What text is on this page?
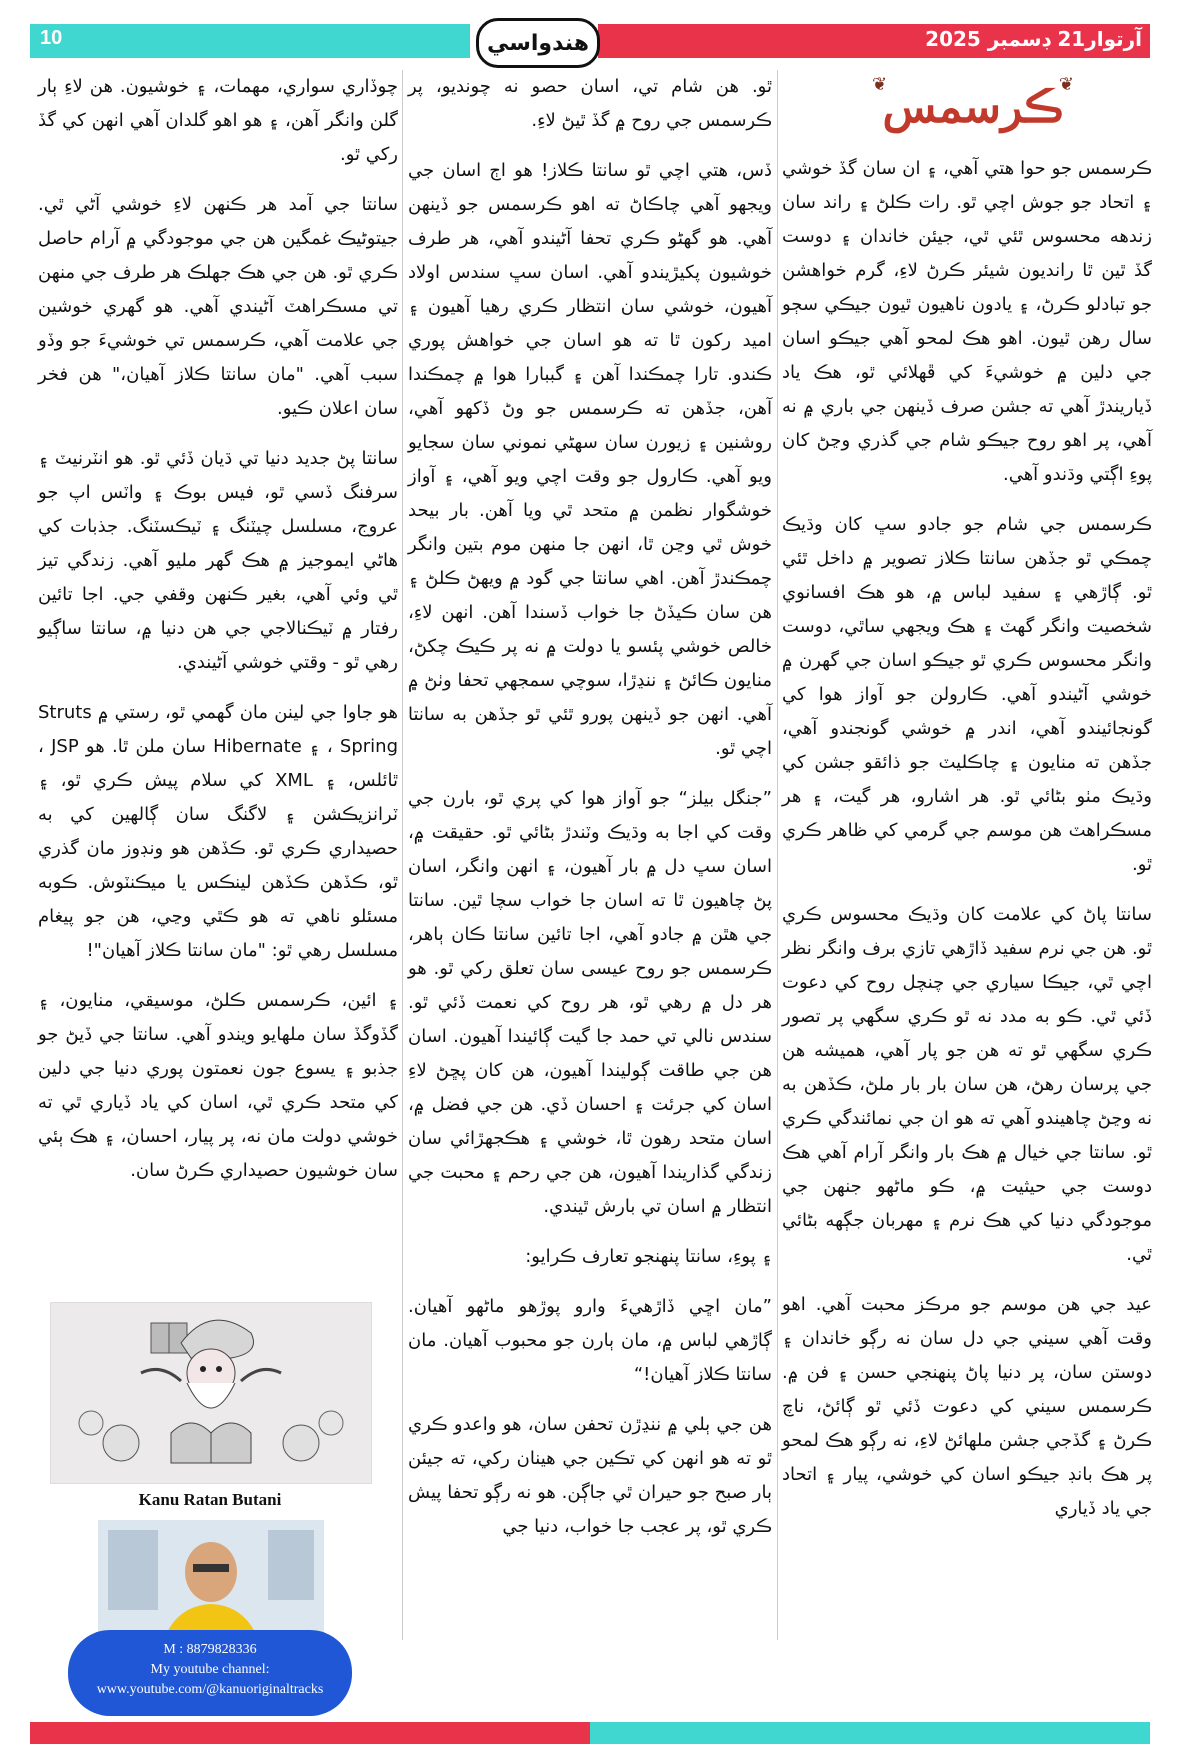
10	هندواسي	آرتوار21 ڊسمبر 2025
❦
ڪرسمس
❦

ڪرسمس جو حوا هتي آهي، ۽ ان سان گڏ خوشي ۽ اتحاد جو جوش اچي ٿو. رات ڪلڻ ۽ راند سان زندهه محسوس ٿئي ٿي، جيئن خاندان ۽ دوست گڏ ٿين ٿا رانديون شيئر ڪرڻ لاءِ، گرم خواهشن جو تبادلو ڪرڻ، ۽ يادون ناهيون ٿيون جيڪي سڄو سال رهن ٿيون. اهو هڪ لمحو آهي جيڪو اسان جي دلين ۾ خوشيءَ کي ڦهلائي ٿو، هڪ ياد ڏياريندڙ آهي ته جشن صرف ڏينهن جي باري ۾ نه آهي، پر اهو روح جيڪو شام جي گذري وڃڻ کان پوءِ اڳتي وڌندو آهي.

ڪرسمس جي شام جو جادو سڀ کان وڌيڪ چمڪي ٿو جڏهن سانتا ڪلاز تصوير ۾ داخل ٿئي ٿو. ڳاڙهي ۽ سفيد لباس ۾، هو هڪ افسانوي شخصيت وانگر گهٽ ۽ هڪ ويجهي ساٿي، دوست وانگر محسوس ڪري ٿو جيڪو اسان جي گهرن ۾ خوشي آڻيندو آهي. ڪارولن جو آواز هوا کي گونجائيندو آهي، اندر ۾ خوشي گونجندو آهي، جڏهن ته منايون ۽ چاڪليٽ جو ذائقو جشن کي وڌيڪ مٺو بڻائي ٿو. هر اشارو، هر گيت، ۽ هر مسڪراهٽ هن موسم جي گرمي کي ظاهر ڪري ٿو.

سانتا پاڻ کي علامت کان وڌيڪ محسوس ڪري ٿو. هن جي نرم سفيد ڏاڙهي تازي برف وانگر نظر اچي ٿي، جيڪا سياري جي چنچل روح کي دعوت ڏئي ٿي. ڪو به مدد نه ٿو ڪري سگهي پر تصور ڪري سگهي ٿو ته هن جو پار آهي، هميشه هن جي پرسان رهڻ، هن سان بار بار ملڻ، ڪڏهن به نه وڃڻ چاهيندو آهي ته هو ان جي نمائندگي ڪري ٿو. سانتا جي خيال ۾ هڪ بار وانگر آرام آهي هڪ دوست جي حيثيت ۾، ڪو ماڻهو جنهن جي موجودگي دنيا کي هڪ نرم ۽ مهربان جڳهه بڻائي ٿي.

عيد جي هن موسم جو مرڪز محبت آهي. اهو وقت آهي سيني جي دل سان نه رڳو خاندان ۽ دوستن سان، پر دنيا پاڻ پنهنجي حسن ۽ فن ۾. ڪرسمس سيني کي دعوت ڏئي ٿو ڳائڻ، ناچ ڪرڻ ۽ گڏجي جشن ملهائڻ لاءِ، نه رڳو هڪ لمحو پر هڪ بانڊ جيڪو اسان کي خوشي، پيار ۽ اتحاد جي ياد ڏياري

ٿو. هن شام تي، اسان حصو نه چونديو، پر ڪرسمس جي روح ۾ گڏ ٿيڻ لاءِ.

ڏس، هتي اچي ٿو سانتا ڪلاز! هو اڄ اسان جي ويجهو آهي چاڪاڻ ته اهو ڪرسمس جو ڏينهن آهي. هو گهڻو ڪري تحفا آڻيندو آهي، هر طرف خوشيون پکيڙيندو آهي. اسان سڀ سندس اولاد آهيون، خوشي سان انتظار ڪري رهيا آهيون ۽ اميد رکون ٿا ته هو اسان جي خواهش پوري ڪندو. تارا چمڪندا آهن ۽ گببارا هوا ۾ چمڪندا آهن، جڏهن ته ڪرسمس جو وڻ ڏکهو آهي، روشنين ۽ زيورن سان سهڻي نموني سان سجايو ويو آهي. ڪارول جو وقت اچي ويو آهي، ۽ آواز خوشگوار نظمن ۾ متحد ٿي ويا آهن. بار بيحد خوش ٿي وڃن ٿا، انهن جا منهن موم بتين وانگر چمڪندڙ آهن. اهي سانتا جي گود ۾ ويهڻ ڪلڻ ۽ هن سان ڪيڏڻ جا خواب ڏسندا آهن. انهن لاءِ، خالص خوشي پئسو يا دولت ۾ نه پر ڪيڪ چکڻ، منايون ڪائڻ ۽ ننڍڙا، سوچي سمجهي تحفا وٺڻ ۾ آهي. انهن جو ڏينهن پورو ٿئي ٿو جڏهن به سانتا اچي ٿو.

”جنگل بيلز“ جو آواز هوا کي پري ٿو، بارن جي وقت کي اجا به وڌيڪ وٽندڙ بڻائي ٿو. حقيقت ۾، اسان سڀ دل ۾ بار آهيون، ۽ انهن وانگر، اسان پڻ چاهيون ٿا ته اسان جا خواب سچا ٿين. سانتا جي هٿن ۾ جادو آهي، اجا تائين سانتا ڪان ٻاهر، ڪرسمس جو روح عيسى سان تعلق رکي ٿو. هو هر دل ۾ رهي ٿو، هر روح کي نعمت ڏئي ٿو. سندس نالي تي حمد جا گيت ڳائيندا آهيون. اسان هن جي طاقت ڳوليندا آهيون، هن کان پڇڻ لاءِ اسان کي جرئت ۽ احسان ڏي. هن جي فضل ۾، اسان متحد رهون ٿا، خوشي ۽ هڪجهڙائي سان زندگي گذاريندا آهيون، هن جي رحم ۽ محبت جي انتظار ۾ اسان تي بارش ٿيندي.

۽ پوءِ، سانتا پنهنجو تعارف ڪرايو:

”مان اڇي ڏاڙهيءَ وارو پوڙهو ماڻهو آهيان. ڳاڙهي لباس ۾، مان ٻارن جو محبوب آهيان. مان سانتا ڪلاز آهيان!“

هن جي ٻلي ۾ ننڍڙن تحفن سان، هو واعدو ڪري ٿو ته هو انهن کي تڪين جي هينان رکي، ته جيئن ٻار صبح جو حيران ٿي جاڳن. هو نه رڳو تحفا پيش ڪري ٿو، پر عجب جا خواب، دنيا جي

چوڏاري سواري، مهمات، ۽ خوشيون. هن لاءِ ٻار گلن وانگر آهن، ۽ هو اهو گلدان آهي انهن کي گڏ رکي ٿو.

سانتا جي آمد هر ڪنهن لاءِ خوشي آڻي ٿي. جيتوڻيڪ غمگين هن جي موجودگي ۾ آرام حاصل ڪري ٿو. هن جي هڪ جهلڪ هر طرف جي منهن تي مسڪراهٽ آڻيندي آهي. هو گهري خوشين جي علامت آهي، ڪرسمس تي خوشيءَ جو وڏو سبب آهي. "مان سانتا ڪلاز آهيان،" هن فخر سان اعلان ڪيو.

سانتا پڻ جديد دنيا تي ڌيان ڏئي ٿو. هو انٽرنيٽ ۽ سرفنگ ڏسي ٿو، فيس بوڪ ۽ واٽس اپ جو عروج، مسلسل چيٽنگ ۽ ٽيڪسٽنگ. جذبات کي هاڻي ايموجيز ۾ هڪ گهر مليو آهي. زندگي تيز ٿي وئي آهي، بغير ڪنهن وقفي جي. اجا تائين رفتار ۾ ٽيڪنالاجي جي هن دنيا ۾، سانتا ساڳيو رهي ٿو - وقتي خوشي آڻيندي.

هو جاوا جي لينن مان گهمي ٿو، رستي ۾ Struts ، Spring ۽ Hibernate سان ملن ٿا. هو JSP ، ٿائلس، ۽ XML کي سلام پيش ڪري ٿو، ۽ ٽرانزيڪشن ۽ لاگنگ سان ڳالهين کي به حصيداري ڪري ٿو. ڪڏهن هو ونڊوز مان گذري ٿو، ڪڏهن ڪڏهن لينڪس يا ميڪنٽوش. ڪوبه مسئلو ناهي ته هو ڪٿي وڃي، هن جو پيغام مسلسل رهي ٿو: "مان سانتا ڪلاز آهيان"!

۽ ائين، ڪرسمس ڪلڻ، موسيقي، منايون، ۽ گڏوگڏ سان ملهايو ويندو آهي. سانتا جي ڏيڻ جو جذبو ۽ يسوع جون نعمتون پوري دنيا جي دلين کي متحد ڪري ٿي، اسان کي ياد ڏياري ٿي ته خوشي دولت مان نه، پر پيار، احسان، ۽ هڪ ٻئي سان خوشيون حصيداري ڪرڻ سان.

Kanu Ratan Butani
M : 8879828336
My youtube channel:
www.youtube.com/@kanuoriginaltracks
